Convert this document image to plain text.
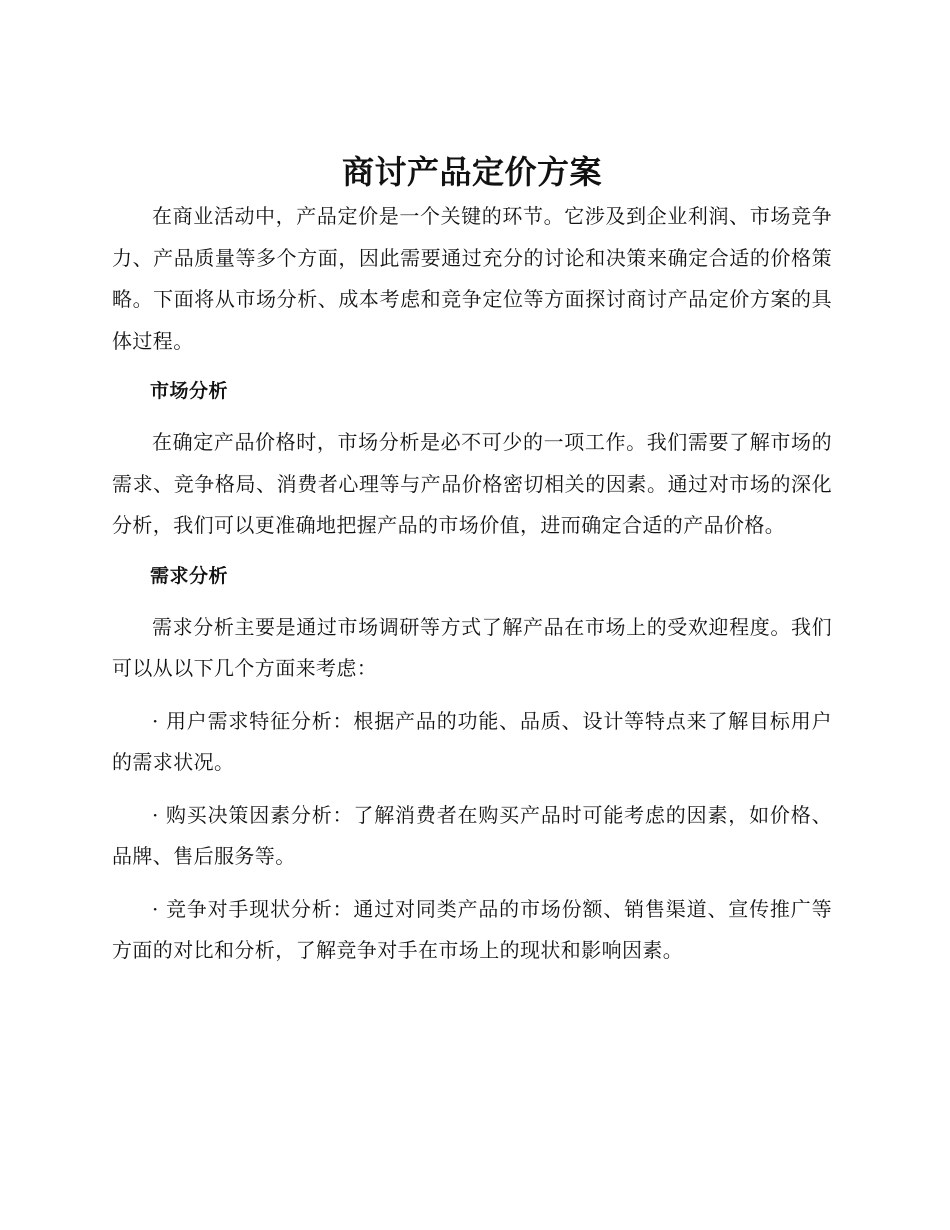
商讨产品定价方案

在商业活动中，产品定价是一个关键的环节。它涉及到企业利润、市场竞争力、产品质量等多个方面，因此需要通过充分的讨论和决策来确定合适的价格策略。下面将从市场分析、成本考虑和竞争定位等方面探讨商讨产品定价方案的具体过程。

市场分析

在确定产品价格时，市场分析是必不可少的一项工作。我们需要了解市场的需求、竞争格局、消费者心理等与产品价格密切相关的因素。通过对市场的深化分析，我们可以更准确地把握产品的市场价值，进而确定合适的产品价格。

需求分析

需求分析主要是通过市场调研等方式了解产品在市场上的受欢迎程度。我们可以从以下几个方面来考虑：

· 用户需求特征分析：根据产品的功能、品质、设计等特点来了解目标用户的需求状况。

· 购买决策因素分析：了解消费者在购买产品时可能考虑的因素，如价格、品牌、售后服务等。

· 竞争对手现状分析：通过对同类产品的市场份额、销售渠道、宣传推广等方面的对比和分析，了解竞争对手在市场上的现状和影响因素。
